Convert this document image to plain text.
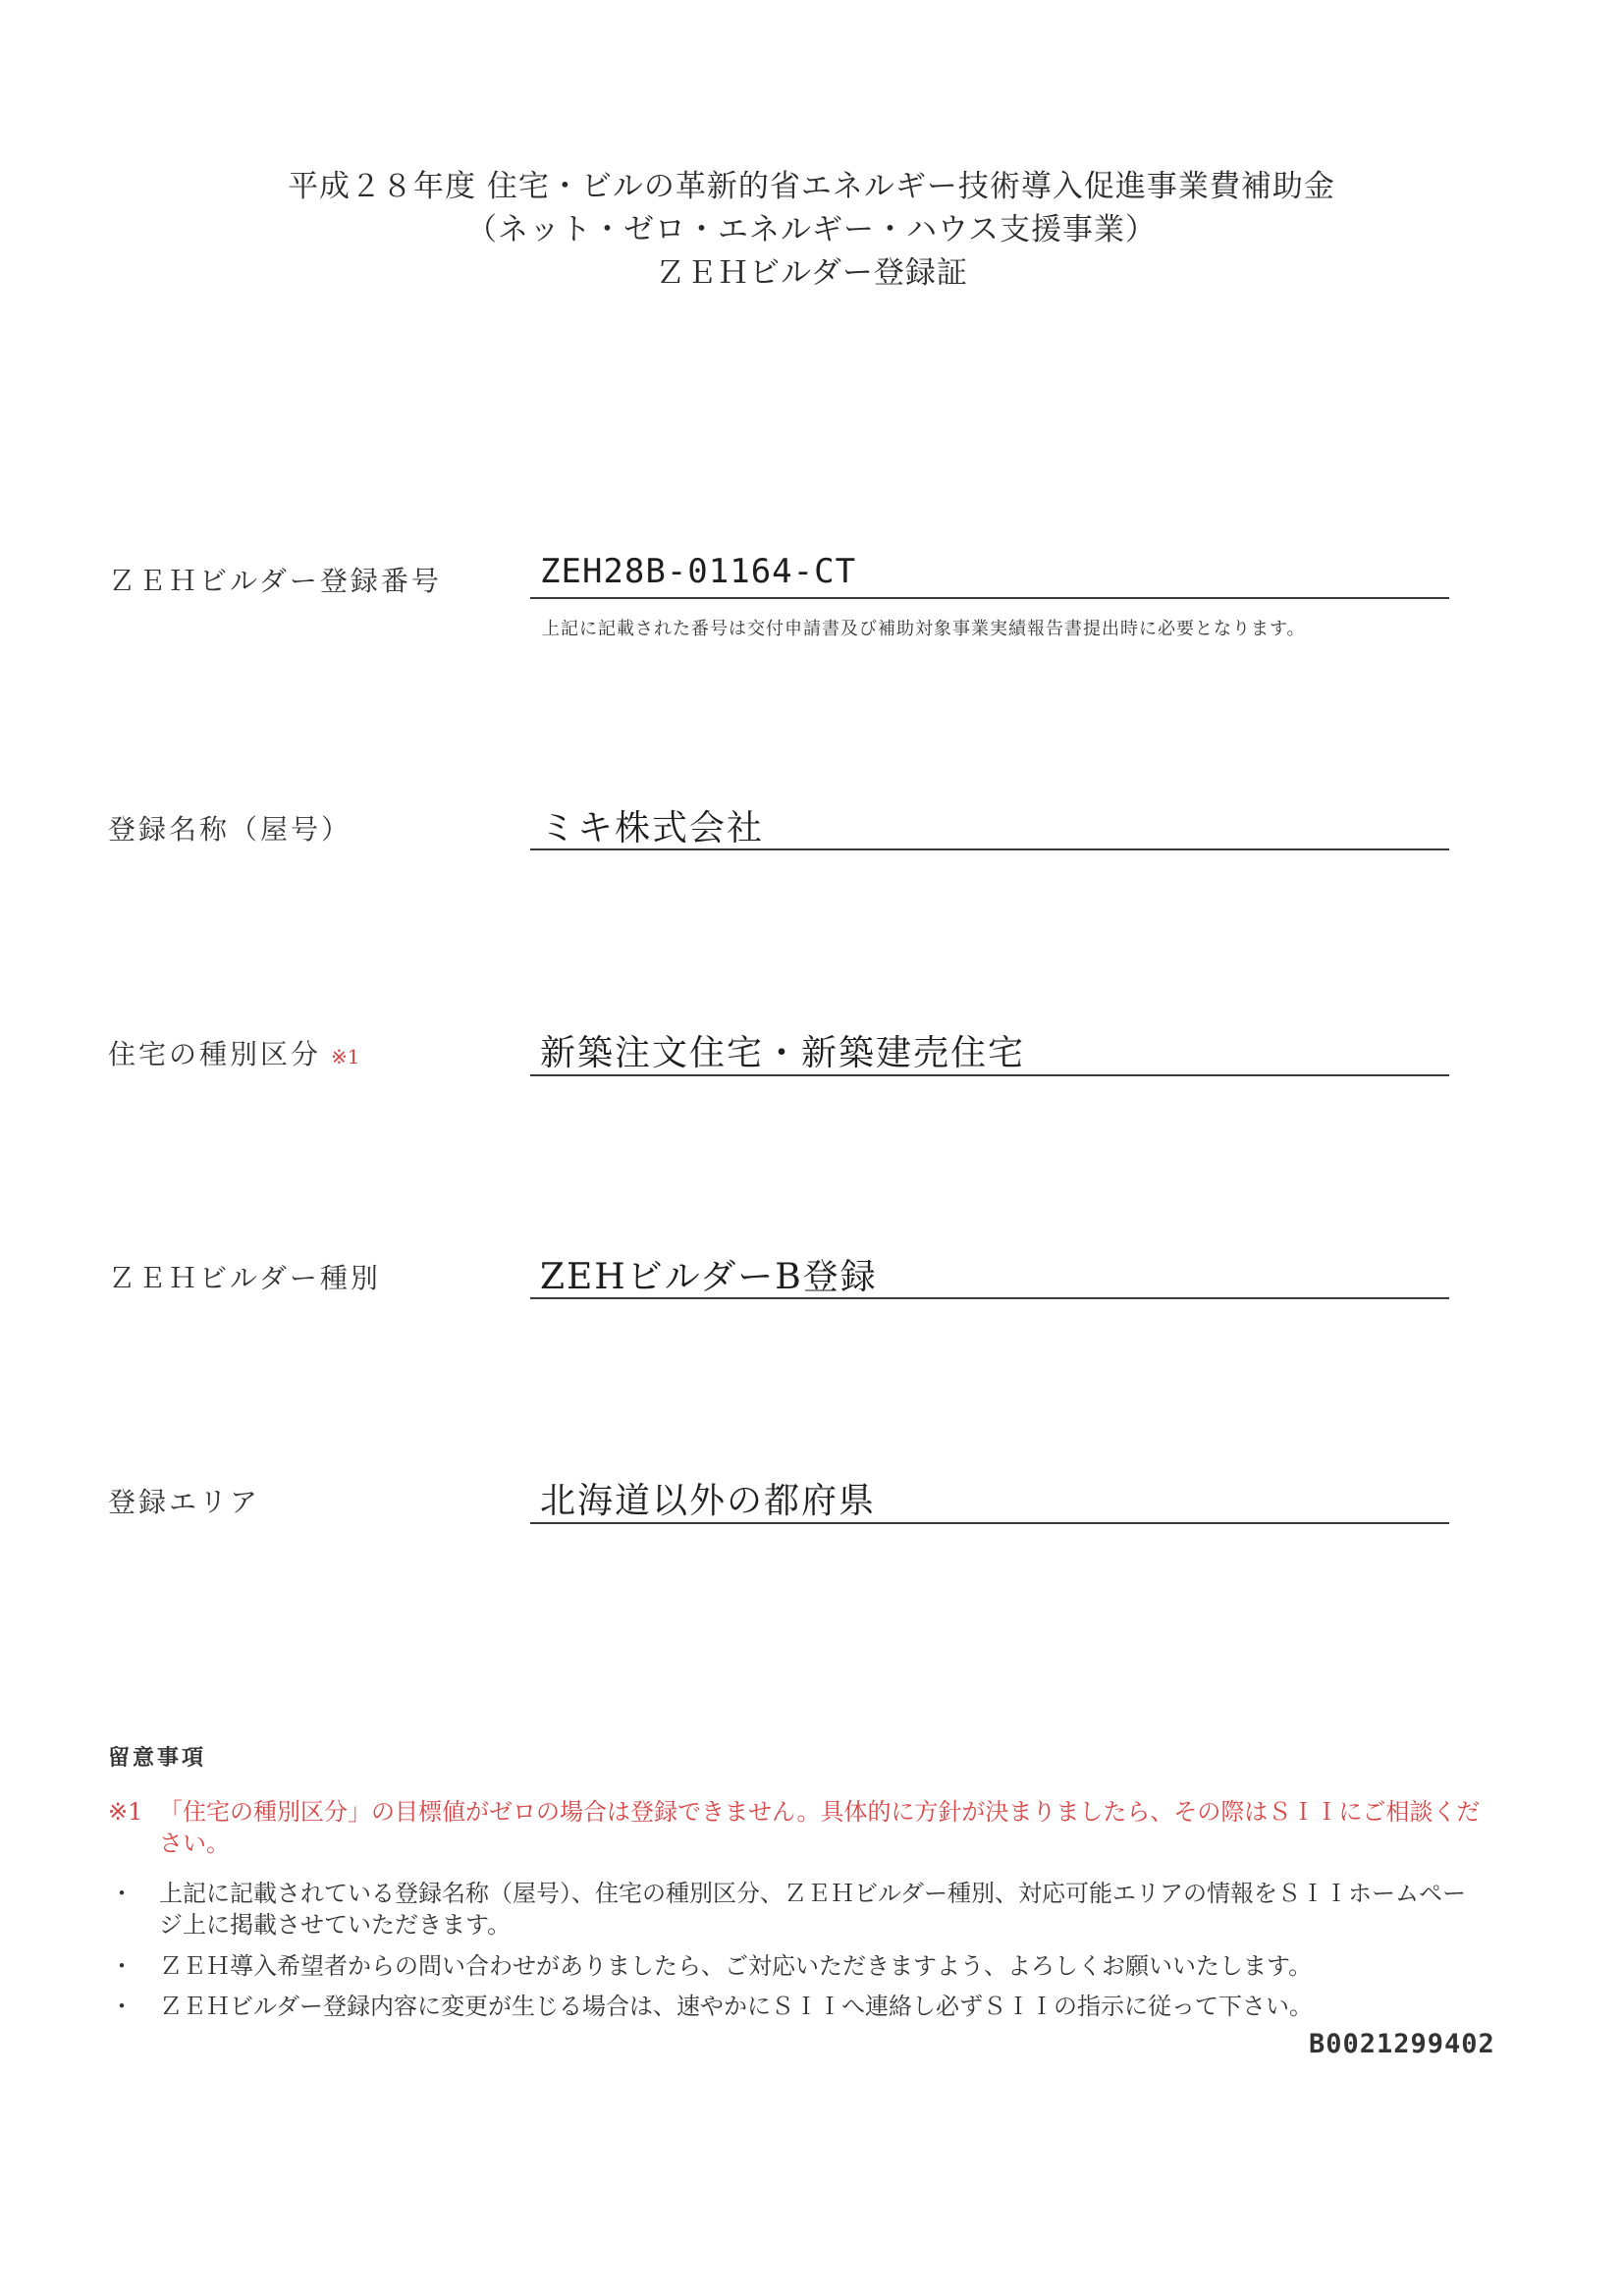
平成２８年度 住宅・ビルの革新的省エネルギー技術導入促進事業費補助金
（ネット・ゼロ・エネルギー・ハウス支援事業）
ＺＥＨビルダー登録証
ＺＥＨビルダー登録番号	ZEH28B-01164-CT
上記に記載された番号は交付申請書及び補助対象事業実績報告書提出時に必要となります。
登録名称（屋号）	ミキ株式会社
住宅の種別区分 ※1	新築注文住宅・新築建売住宅
ＺＥＨビルダー種別	ZEHビルダーB登録
登録エリア	北海道以外の都府県
留意事項
※1 「住宅の種別区分」の目標値がゼロの場合は登録できません。具体的に方針が決まりましたら、その際はＳＩＩにご相談ください。
・ 上記に記載されている登録名称（屋号）、住宅の種別区分、ＺＥＨビルダー種別、対応可能エリアの情報をＳＩＩホームページ上に掲載させていただきます。
・ ＺＥＨ導入希望者からの問い合わせがありましたら、ご対応いただきますよう、よろしくお願いいたします。
・ ＺＥＨビルダー登録内容に変更が生じる場合は、速やかにＳＩＩへ連絡し必ずＳＩＩの指示に従って下さい。
B0021299402
